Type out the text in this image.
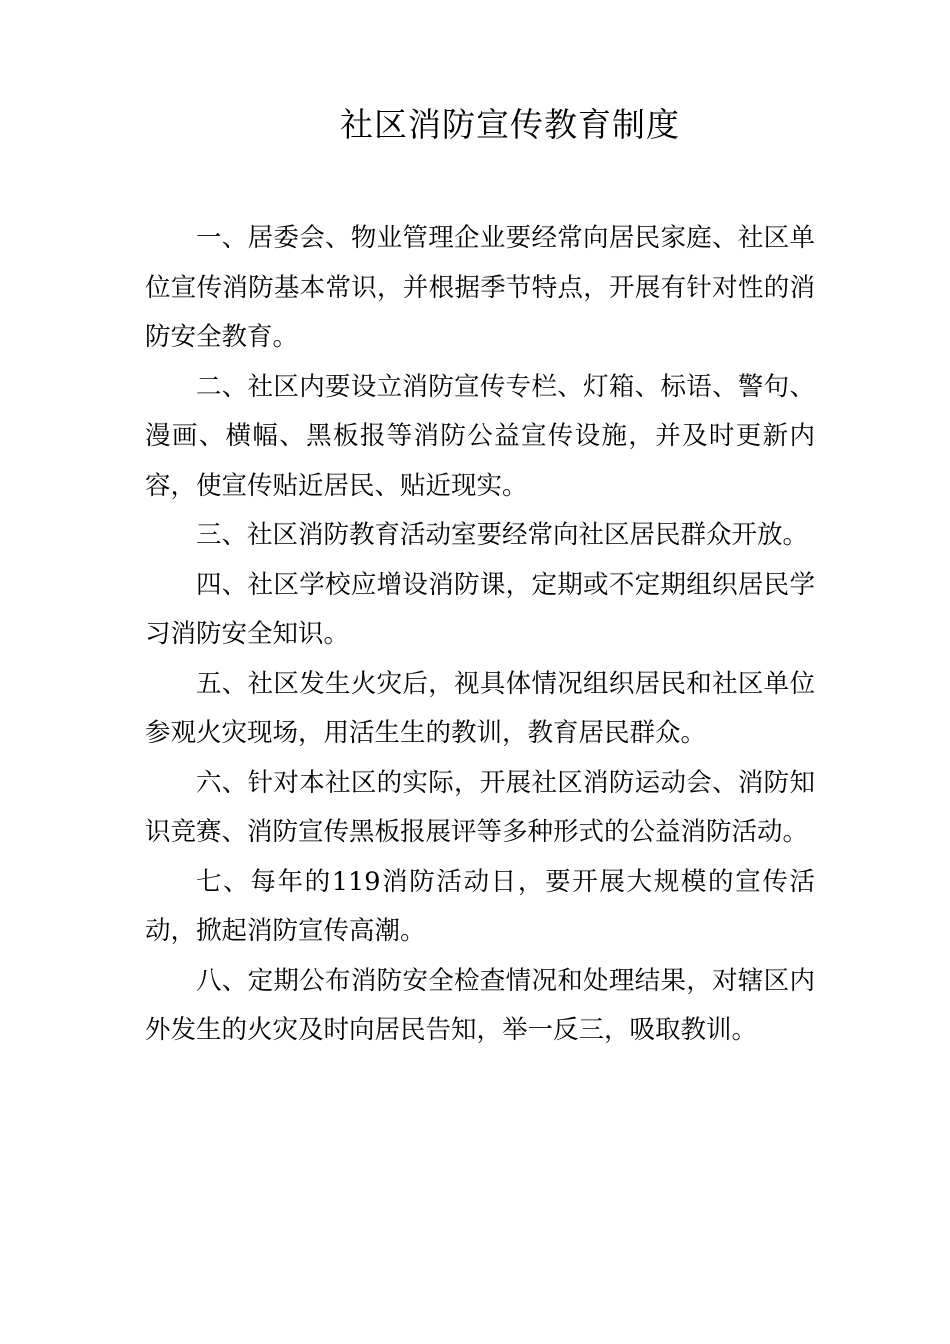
社区消防宣传教育制度

一、居委会、物业管理企业要经常向居民家庭、社区单位宣传消防基本常识，并根据季节特点，开展有针对性的消防安全教育。

二、社区内要设立消防宣传专栏、灯箱、标语、警句、漫画、横幅、黑板报等消防公益宣传设施，并及时更新内容，使宣传贴近居民、贴近现实。

三、社区消防教育活动室要经常向社区居民群众开放。

四、社区学校应增设消防课，定期或不定期组织居民学习消防安全知识。

五、社区发生火灾后，视具体情况组织居民和社区单位参观火灾现场，用活生生的教训，教育居民群众。

六、针对本社区的实际，开展社区消防运动会、消防知识竞赛、消防宣传黑板报展评等多种形式的公益消防活动。

七、每年的119消防活动日，要开展大规模的宣传活动，掀起消防宣传高潮。

八、定期公布消防安全检查情况和处理结果，对辖区内外发生的火灾及时向居民告知，举一反三，吸取教训。
